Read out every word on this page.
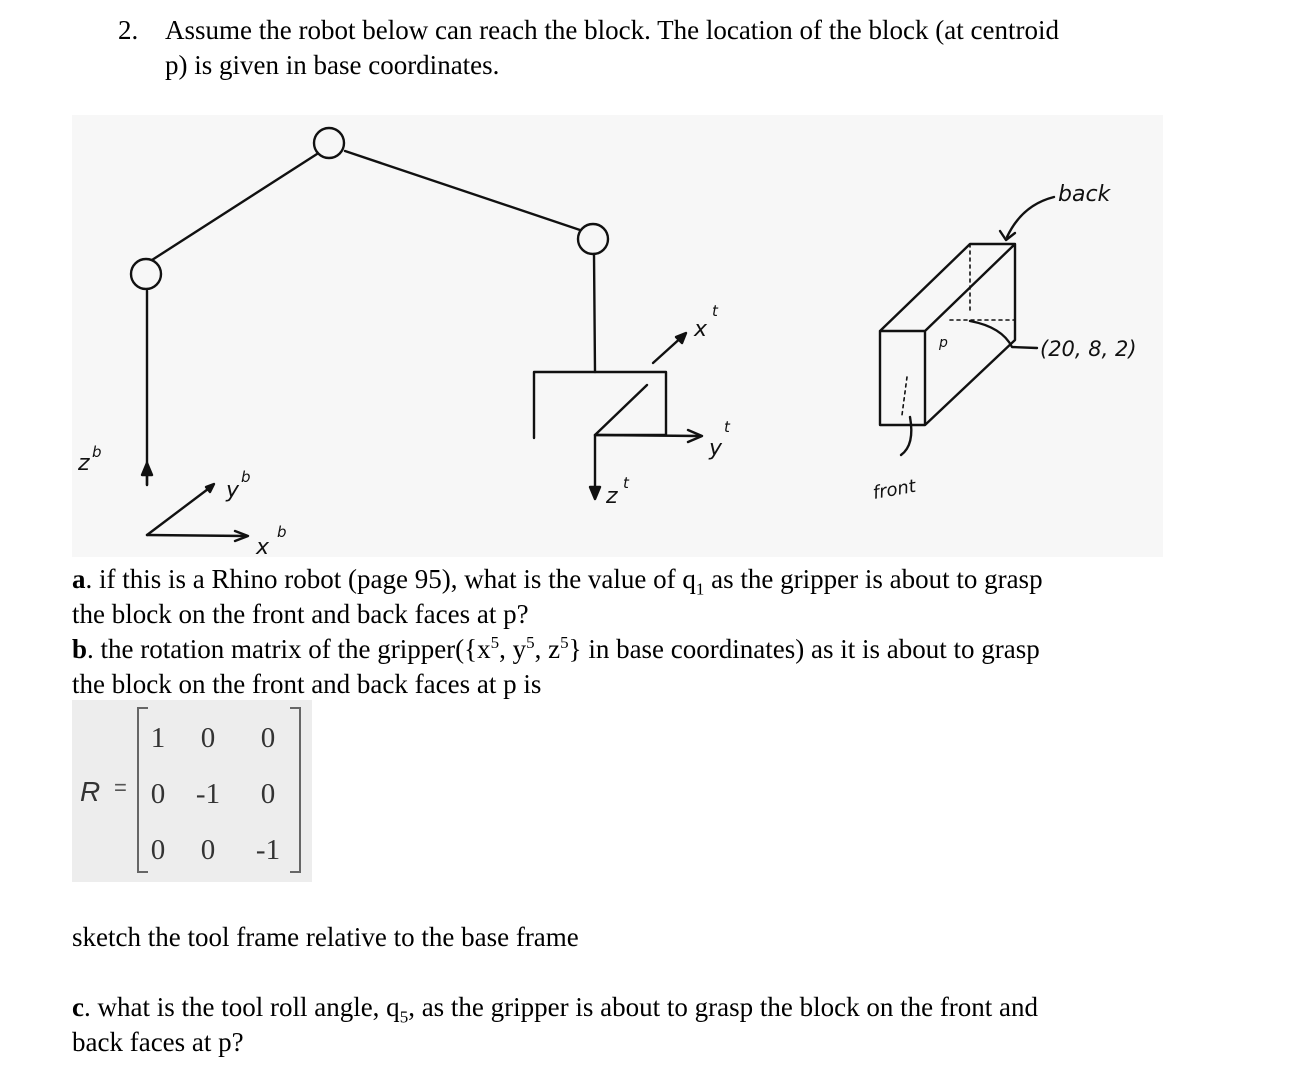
2. Assume the robot below can reach the block. The location of the block (at centroid
p) is given in base coordinates.
z b
y
b
x
b
z
t
x
t
y
t
back
front
p	(20, 8, 2)
a. if this is a Rhino robot (page 95), what is the value of $q_1$ as the gripper is about to grasp
the block on the front and back faces at p?
b. the rotation matrix of the $gripper(\{x^5$, $y^5$, $z^5$} in base coordinates) as it is about to grasp
the block on the front and back faces at p is
R =
1	0	0
0	-1	0
0	0	-1
sketch the tool frame relative to the base frame
c. what is the tool roll angle, $q_5$, as the gripper is about to grasp the block on the front and
back faces at p?
